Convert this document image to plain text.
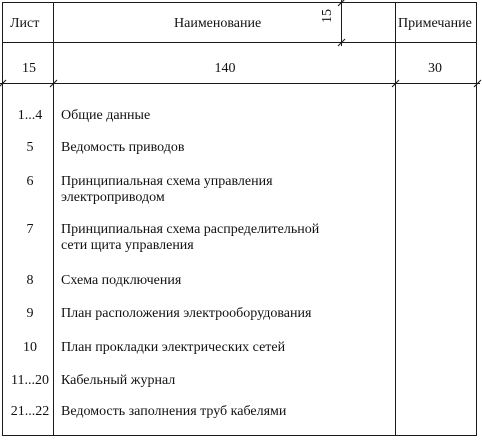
Лист	Наименование	Примечание
15
15	140	30
1...4	Общие данные
5	Ведомость приводов
6	Принципиальная схема управления
электроприводом
7	Принципиальная схема распределительной
сети щита управления
8	Схема подключения
9	План расположения электрооборудования
10	План прокладки электрических сетей
11...20 Кабельный журнал
21...22 Ведомость заполнения труб кабелями
